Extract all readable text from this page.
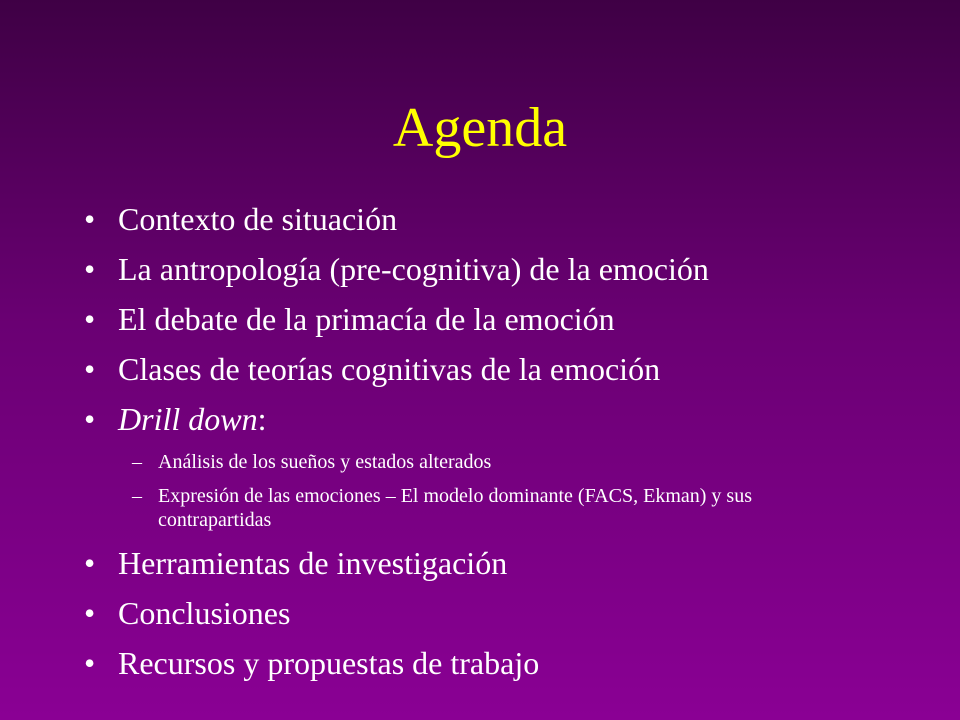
Agenda
• Contexto de situación
• La antropología (pre-cognitiva) de la emoción
• El debate de la primacía de la emoción
• Clases de teorías cognitivas de la emoción
• Drill down:
– Análisis de los sueños y estados alterados
– Expresión de las emociones – El modelo dominante (FACS, Ekman) y sus contrapartidas
• Herramientas de investigación
• Conclusiones
• Recursos y propuestas de trabajo
